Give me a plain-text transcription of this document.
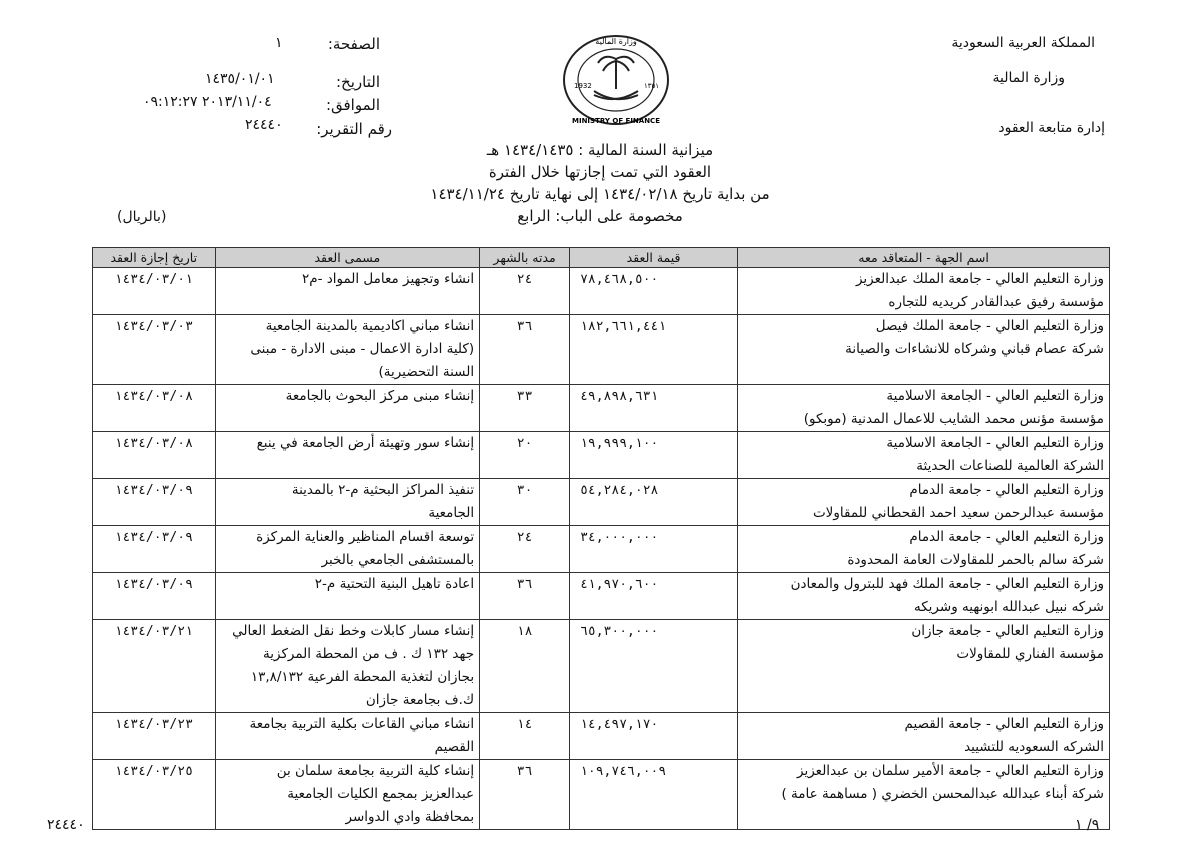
المملكة العربية السعودية
وزارة المالية
إدارة متابعة العقود
الصفحة:
١
التاريخ:
١٤٣٥/٠١/٠١
الموافق:
٢٠١٣/١١/٠٤ ٠٩:١٢:٢٧
رقم التقرير:
٢٤٤٤٠
وزارة المالية
MINISTRY OF FINANCE
1932	١٣٥١
ميزانية السنة المالية : ١٤٣٤/١٤٣٥ هـ
العقود التي تمت إجازتها خلال الفترة
من بداية تاريخ ١٤٣٤/٠٢/١٨ إلى نهاية تاريخ ١٤٣٤/١١/٢٤
مخصومة على الباب: الرابع
(بالريال)
اسم الجهة - المتعاقد معه	قيمة العقد	مدته بالشهر	مسمى العقد	تاريخ إجازة العقد

وزارة التعليم العالي - جامعة الملك عبدالعزيز
مؤسسة رفيق عبدالقادر كريديه للتجاره	٧٨,٤٦٨,٥٠٠	٢٤	انشاء وتجهيز معامل المواد -م٢	١٤٣٤/٠٣/٠١

وزارة التعليم العالي - جامعة الملك فيصل
شركة عصام قباني وشركاه للانشاءات والصيانة	١٨٢,٦٦١,٤٤١	٣٦	انشاء مباني اكاديمية بالمدينة الجامعية
(كلية ادارة الاعمال - مبنى الادارة - مبنى
السنة التحضيرية)	١٤٣٤/٠٣/٠٣

وزارة التعليم العالي - الجامعة الاسلامية
مؤسسة مؤنس محمد الشايب للاعمال المدنية (موبكو)	٤٩,٨٩٨,٦٣١	٣٣	إنشاء مبنى مركز البحوث بالجامعة	١٤٣٤/٠٣/٠٨

وزارة التعليم العالي - الجامعة الاسلامية
الشركة العالمية للصناعات الحديثة	١٩,٩٩٩,١٠٠	٢٠	إنشاء سور وتهيئة أرض الجامعة في ينبع	١٤٣٤/٠٣/٠٨

وزارة التعليم العالي - جامعة الدمام
مؤسسة عبدالرحمن سعيد احمد القحطاني للمقاولات	٥٤,٢٨٤,٠٢٨	٣٠	تنفيذ المراكز البحثية م-٢ بالمدينة
الجامعية	١٤٣٤/٠٣/٠٩

وزارة التعليم العالي - جامعة الدمام
شركة سالم بالحمر للمقاولات العامة المحدودة	٣٤,٠٠٠,٠٠٠	٢٤	توسعة اقسام المناظير والعناية المركزة
بالمستشفى الجامعي بالخبر	١٤٣٤/٠٣/٠٩

وزارة التعليم العالي - جامعة الملك فهد للبترول والمعادن
شركه نبيل عبدالله ابونهيه وشريكه	٤١,٩٧٠,٦٠٠	٣٦	اعادة تاهيل البنية التحتية م-٢	١٤٣٤/٠٣/٠٩

وزارة التعليم العالي - جامعة جازان
مؤسسة الفناري للمقاولات	٦٥,٣٠٠,٠٠٠	١٨	إنشاء مسار كابلات وخط نقل الضغط العالي
جهد ١٣٢ ك . ف من المحطة المركزية
بجازان لتغذية المحطة الفرعية ١٣,٨/١٣٢
ك.ف بجامعة جازان	١٤٣٤/٠٣/٢١

وزارة التعليم العالي - جامعة القصيم
الشركه السعوديه للتشييد	١٤,٤٩٧,١٧٠	١٤	انشاء مباني القاعات بكلية التربية بجامعة
القصيم	١٤٣٤/٠٣/٢٣

وزارة التعليم العالي - جامعة الأمير سلمان بن عبدالعزيز
شركة أبناء عبدالله عبدالمحسن الخضري ( مساهمة عامة )	١٠٩,٧٤٦,٠٠٩	٣٦	إنشاء كلية التربية بجامعة سلمان بن
عبدالعزيز بمجمع الكليات الجامعية
بمحافظة وادي الدواسر	١٤٣٤/٠٣/٢٥
٩/ ١
٢٤٤٤٠
